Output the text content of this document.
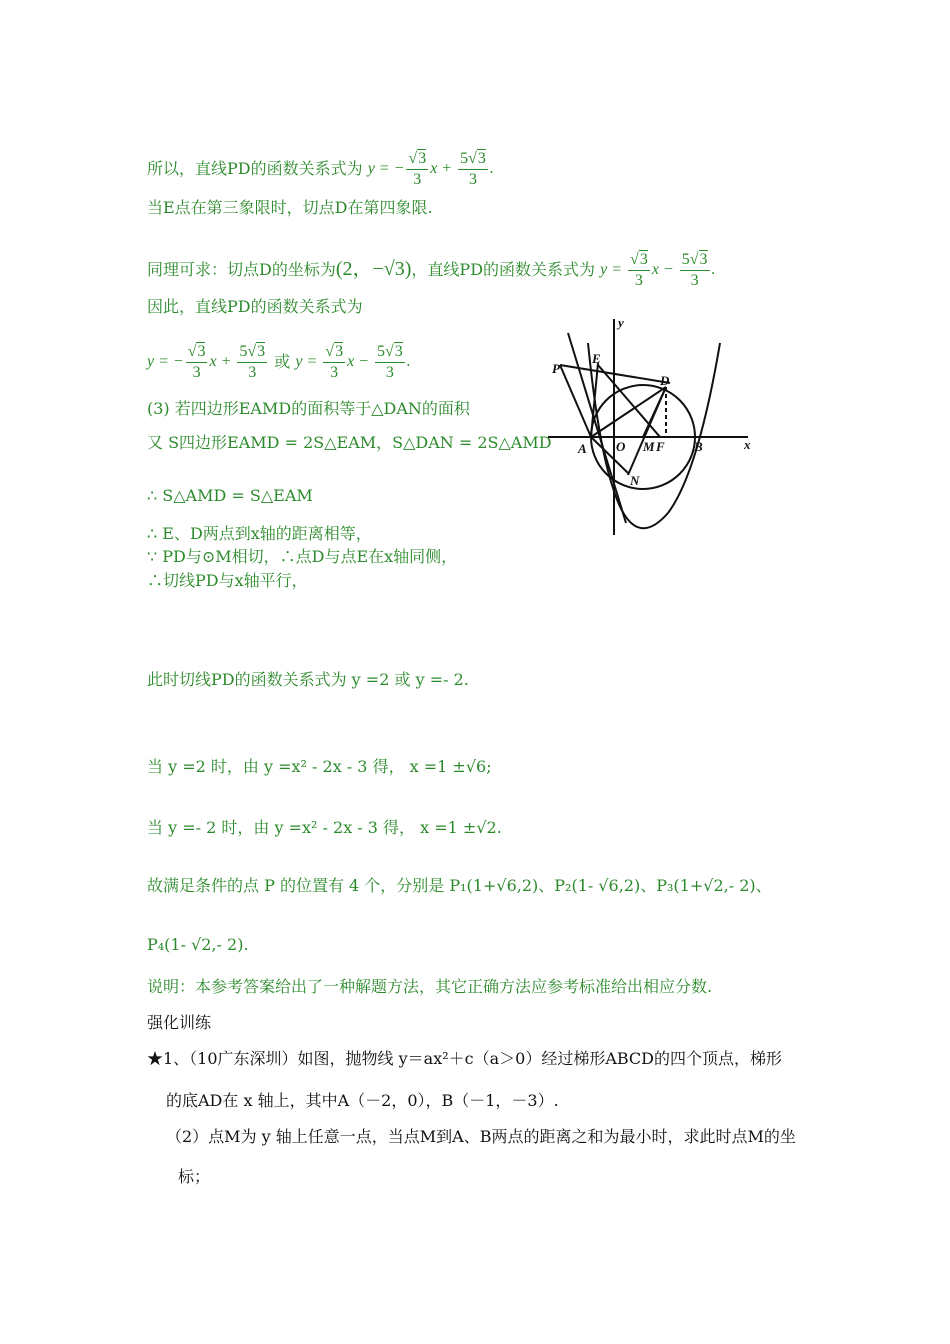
所以，直线PD的函数关系式为 y = − $\frac{√3}{3}$ $x + \frac{5√3}{3}$ .
当E点在第三象限时，切点D在第四象限.
同理可求：切点D的坐标为(2，−√3)，直线PD的函数关系式为 $y = \frac{√3}{3}$ $x - \frac{5√3}{3}$ .
因此，直线PD的函数关系式为
y = − $\frac{√3}{3}$ $x + \frac{5√3}{3}$ 或 $y = \frac{√3}{3}$ $x - \frac{5√3}{3}$ .
(3) 若四边形EAMD的面积等于△DAN的面积
又 S四边形EAMD = 2S△EAM，S△DAN = 2S△AMD
∴ S△AMD = S△EAM
∴ E、D两点到x轴的距离相等，
∵ PD与⊙M相切，∴点D与点E在x轴同侧，
∴切线PD与x轴平行，
P
E
D
y
x
A O M F B
N
此时切线PD的函数关系式为 y =2 或 y =- 2.
当 y =2 时，由 y =x² - 2x - 3 得， x =1 ±√6;
当 y =- 2 时，由 y =x² - 2x - 3 得， x =1 ±√2.
故满足条件的点 P 的位置有 4 个，分别是 P₁(1+√6,2)、P₂(1- √6,2)、P₃(1+√2,- 2)、
P₄(1- √2,- 2).
说明：本参考答案给出了一种解题方法，其它正确方法应参考标准给出相应分数.
强化训练
★1、（10广东深圳）如图，抛物线 y＝ax²＋c（a＞0）经过梯形ABCD的四个顶点，梯形
的底AD在 x 轴上，其中A（－2，0），B（－1，－3）.
（2）点M为 y 轴上任意一点，当点M到A、B两点的距离之和为最小时，求此时点M的坐
标；
